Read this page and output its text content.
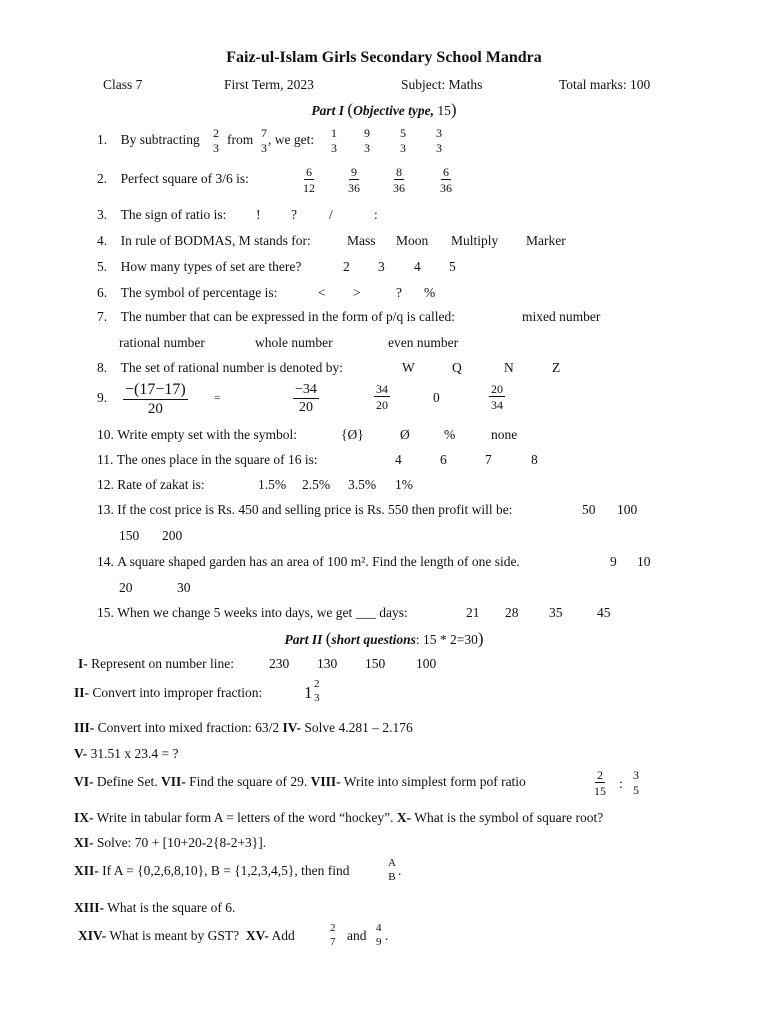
Faiz-ul-Islam Girls Secondary School Mandra
Class 7	First Term, 2023	Subject: Maths	Total marks: 100
Part I (Objective type, 15)
1. By subtracting 2
3
from 7
3
, we get: 1
3
9
3
5
3
3
3
2. Perfect square of 3/6 is:	$\frac{6}{12}$	$\frac{9}{36}$	$\frac{8}{36}$	$\frac{6}{36}$
3. The sign of ratio is: ! ? /	:
4. In rule of BODMAS, M stands for:	Mass Moon Multiply Marker
5. How many types of set are there?	2 3 4 5
6. The symbol of percentage is:	< >	? %
7. The number that can be expressed in the form of p/q is called:	mixed number
rational number	whole number	even number
8. The set of rational number is denoted by:	W	Q	N	Z
9. $\frac{-(17-17)}{20}$ =	$\frac{-34}{20}$	$\frac{34}{20}$	0	$\frac{20}{34}$
10. Write empty set with the symbol:	{Ø}	Ø	%	none
11. The ones place in the square of 16 is:	4	6	7	8
12. Rate of zakat is:	1.5% 2.5% 3.5% 1%
13. If the cost price is Rs. 450 and selling price is Rs. 550 then profit will be:	50 100
150 200
14. A square shaped garden has an area of 100 m². Find the length of one side.	9 10
20	30
15. When we change 5 weeks into days, we get ___ days:	21 28 35	45
Part II (short questions: 15 * 2=30)
I- Represent on number line:	230 130 150 100
II- Convert into improper fraction: 1 2
3
III- Convert into mixed fraction: 63/2 IV- Solve 4.281 – 2.176
V- 31.51 x 23.4 = ?
VI- Define Set. VII- Find the square of 29. VIII- Write into simplest form pof ratio	$\frac{2}{15}$ :
3
5
IX- Write in tabular form A = letters of the word “hockey”. X- What is the symbol of square root?
XI- Solve: 70 + [10+20-2{8-2+3}].
XII- If A = {0,2,6,8,10}, B = {1,2,3,4,5}, then find	A
B .
XIII- What is the square of 6.
XIV- What is meant by GST? XV- Add	2
7 and 4
9 .
